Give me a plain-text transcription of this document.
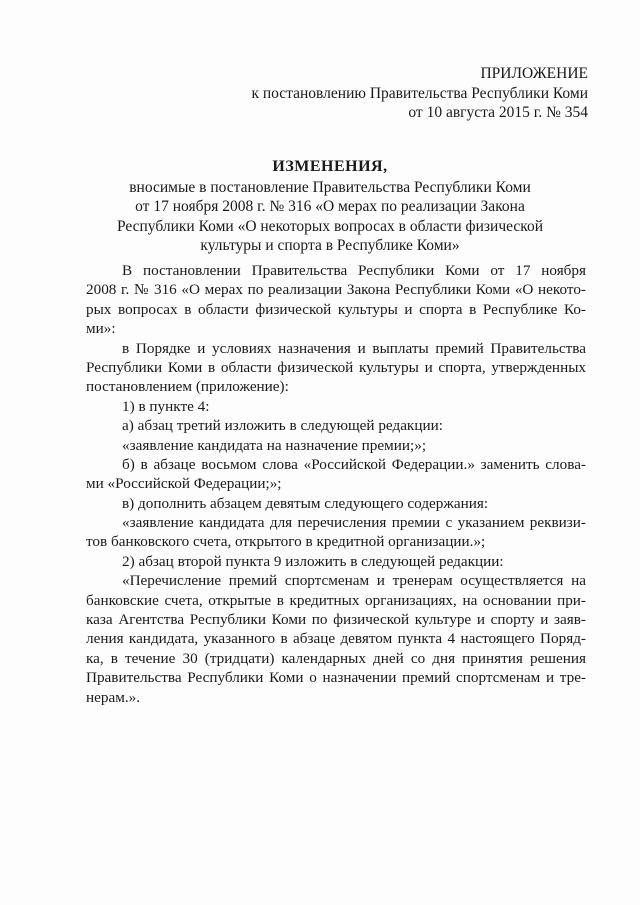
ПРИЛОЖЕНИЕ
к постановлению Правительства Республики Коми
от 10 августа 2015 г. № 354
ИЗМЕНЕНИЯ,
вносимые в постановление Правительства Республики Коми
от 17 ноября 2008 г. № 316 «О мерах по реализации Закона
Республики Коми «О некоторых вопросах в области физической
культуры и спорта в Республике Коми»
В постановлении Правительства Республики Коми от 17 ноября
2008 г. № 316 «О мерах по реализации Закона Республики Коми «О некото-
рых вопросах в области физической культуры и спорта в Республике Ко-
ми»:
в Порядке и условиях назначения и выплаты премий Правительства
Республики Коми в области физической культуры и спорта, утвержденных
постановлением (приложение):
1) в пункте 4:
а) абзац третий изложить в следующей редакции:
«заявление кандидата на назначение премии;»;
б) в абзаце восьмом слова «Российской Федерации.» заменить слова-
ми «Российской Федерации;»;
в) дополнить абзацем девятым следующего содержания:
«заявление кандидата для перечисления премии с указанием реквизи-
тов банковского счета, открытого в кредитной организации.»;
2) абзац второй пункта 9 изложить в следующей редакции:
«Перечисление премий спортсменам и тренерам осуществляется на
банковские счета, открытые в кредитных организациях, на основании при-
каза Агентства Республики Коми по физической культуре и спорту и заяв-
ления кандидата, указанного в абзаце девятом пункта 4 настоящего Поряд-
ка, в течение 30 (тридцати) календарных дней со дня принятия решения
Правительства Республики Коми о назначении премий спортсменам и тре-
нерам.».
